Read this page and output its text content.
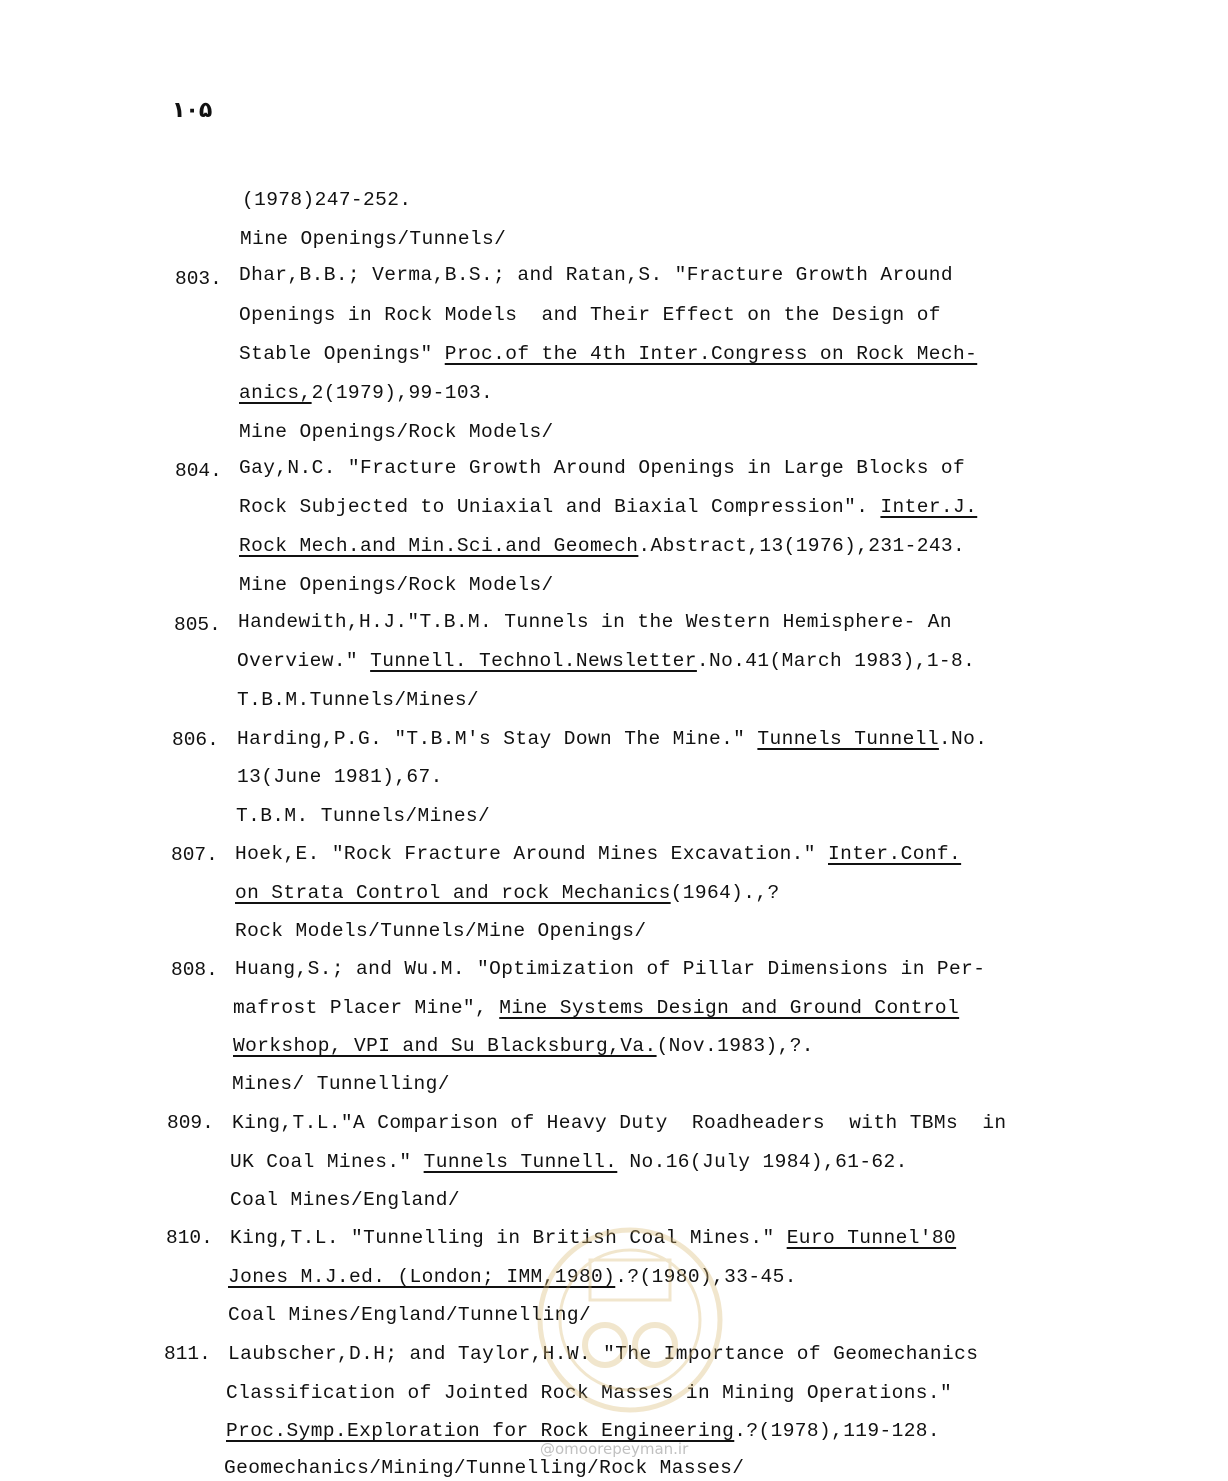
١٠۵
(1978)247-252.
Mine Openings/Tunnels/
803. Dhar,B.B.; Verma,B.S.; and Ratan,S. "Fracture Growth Around
Openings in Rock Models  and Their Effect on the Design of
Stable Openings" Proc.of the 4th Inter.Congress on Rock Mech-
anics,2(1979),99-103.
Mine Openings/Rock Models/
804. Gay,N.C. "Fracture Growth Around Openings in Large Blocks of
Rock Subjected to Uniaxial and Biaxial Compression". Inter.J.
Rock Mech.and Min.Sci.and Geomech.Abstract,13(1976),231-243.
Mine Openings/Rock Models/
805. Handewith,H.J."T.B.M. Tunnels in the Western Hemisphere- An
Overview." Tunnell. Technol.Newsletter.No.41(March 1983),1-8.
T.B.M.Tunnels/Mines/
806. Harding,P.G. "T.B.M's Stay Down The Mine." Tunnels Tunnell.No.
13(June 1981),67.
T.B.M. Tunnels/Mines/
807. Hoek,E. "Rock Fracture Around Mines Excavation." Inter.Conf.
on Strata Control and rock Mechanics(1964).,?
Rock Models/Tunnels/Mine Openings/
808. Huang,S.; and Wu.M. "Optimization of Pillar Dimensions in Per-
mafrost Placer Mine", Mine Systems Design and Ground Control
Workshop, VPI and Su Blacksburg,Va.(Nov.1983),?.
Mines/ Tunnelling/
809. King,T.L."A Comparison of Heavy Duty  Roadheaders  with TBMs  in
UK Coal Mines." Tunnels Tunnell. No.16(July 1984),61-62.
Coal Mines/England/
810. King,T.L. "Tunnelling in British Coal Mines." Euro Tunnel'80
Jones M.J.ed. (London; IMM,1980).?(1980),33-45.
Coal Mines/England/Tunnelling/
811. Laubscher,D.H; and Taylor,H.W. "The Importance of Geomechanics
Classification of Jointed Rock Masses in Mining Operations."
Proc.Symp.Exploration for Rock Engineering.?(1978),119-128.
Geomechanics/Mining/Tunnelling/Rock Masses/
@omoorepeyman.ir
